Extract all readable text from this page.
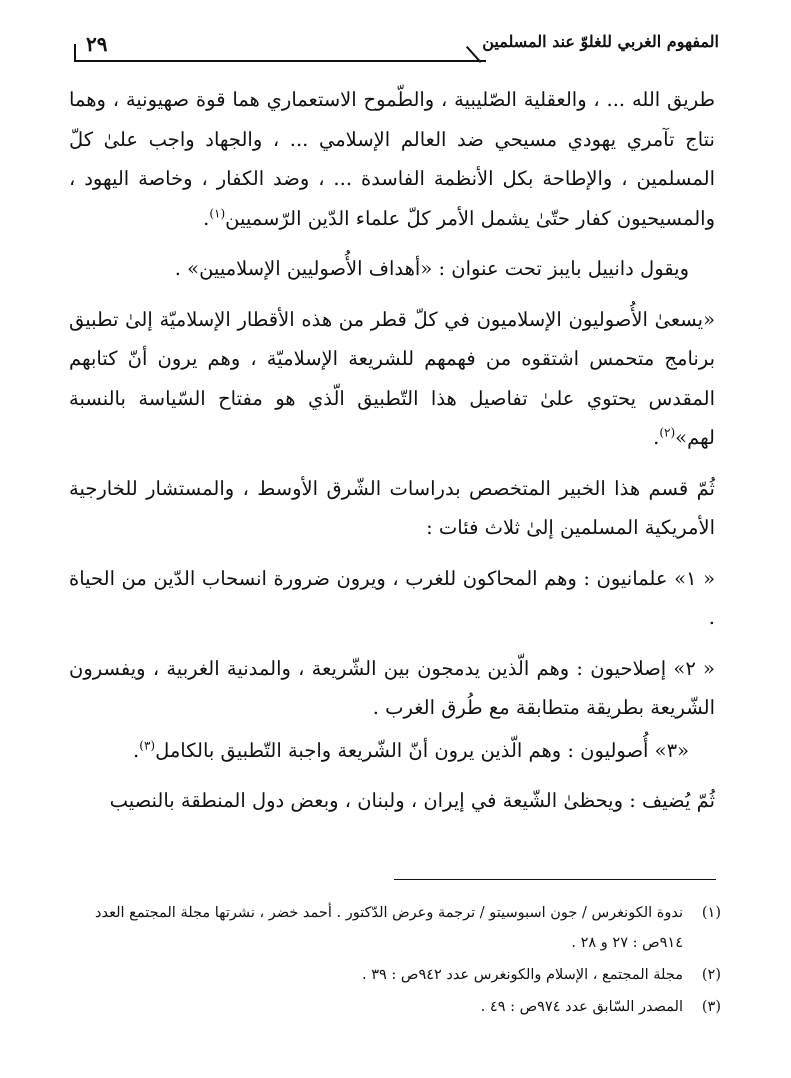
المفهوم الغربي للغلوّ عند المسلمين
٢٩

طريق الله ... ، والعقلية الصّليبية ، والطّموح الاستعماري هما قوة صهيونية ، وهما نتاج تآمري يهودي مسيحي ضد العالم الإسلامي ... ، والجهاد واجب علىٰ كلّ المسلمين ، والإطاحة بكل الأنظمة الفاسدة ... ، وضد الكفار ، وخاصة اليهود ، والمسيحيون كفار حتّىٰ يشمل الأمر كلّ علماء الدّين الرّسميين$^{(١)}$.

ويقول دانييل بايبز تحت عنوان : «أهداف الأُصوليين الإسلاميين» .

«يسعىٰ الأُصوليون الإسلاميون في كلّ قطر من هذه الأقطار الإسلاميّة إلىٰ تطبيق برنامج متحمس اشتقوه من فهمهم للشريعة الإسلاميّة ، وهم يرون أنّ كتابهم المقدس يحتوي علىٰ تفاصيل هذا التّطبيق الّذي هو مفتاح السّياسة بالنسبة لهم»$^{(٢)}$.

ثُمّ قسم هذا الخبير المتخصص بدراسات الشّرق الأوسط ، والمستشار للخارجية الأمريكية المسلمين إلىٰ ثلاث فئات :

« ١» علمانيون : وهم المحاكون للغرب ، ويرون ضرورة انسحاب الدّين من الحياة .

« ٢» إصلاحيون : وهم الّذين يدمجون بين الشّريعة ، والمدنية الغربية ، ويفسرون الشّريعة بطريقة متطابقة مع طُرق الغرب .

«٣» أُصوليون : وهم الّذين يرون أنّ الشّريعة واجبة التّطبيق بالكامل$^{(٣)}$.

ثُمّ يُضيف : ويحظىٰ الشّيعة في إيران ، ولبنان ، وبعض دول المنطقة بالنصيب

(١)
ندوة الكونغرس / جون اسبوسيتو / ترجمة وعرض الدّكتور . أحمد خضر ، نشرتها مجلة المجتمع العدد ٩١٤ص : ٢٧ و ٢٨ .
(٢)
مجلة المجتمع ، الإسلام والكونغرس عدد ٩٤٢ص : ٣٩ .
(٣)
المصدر السّابق عدد ٩٧٤ص : ٤٩ .
